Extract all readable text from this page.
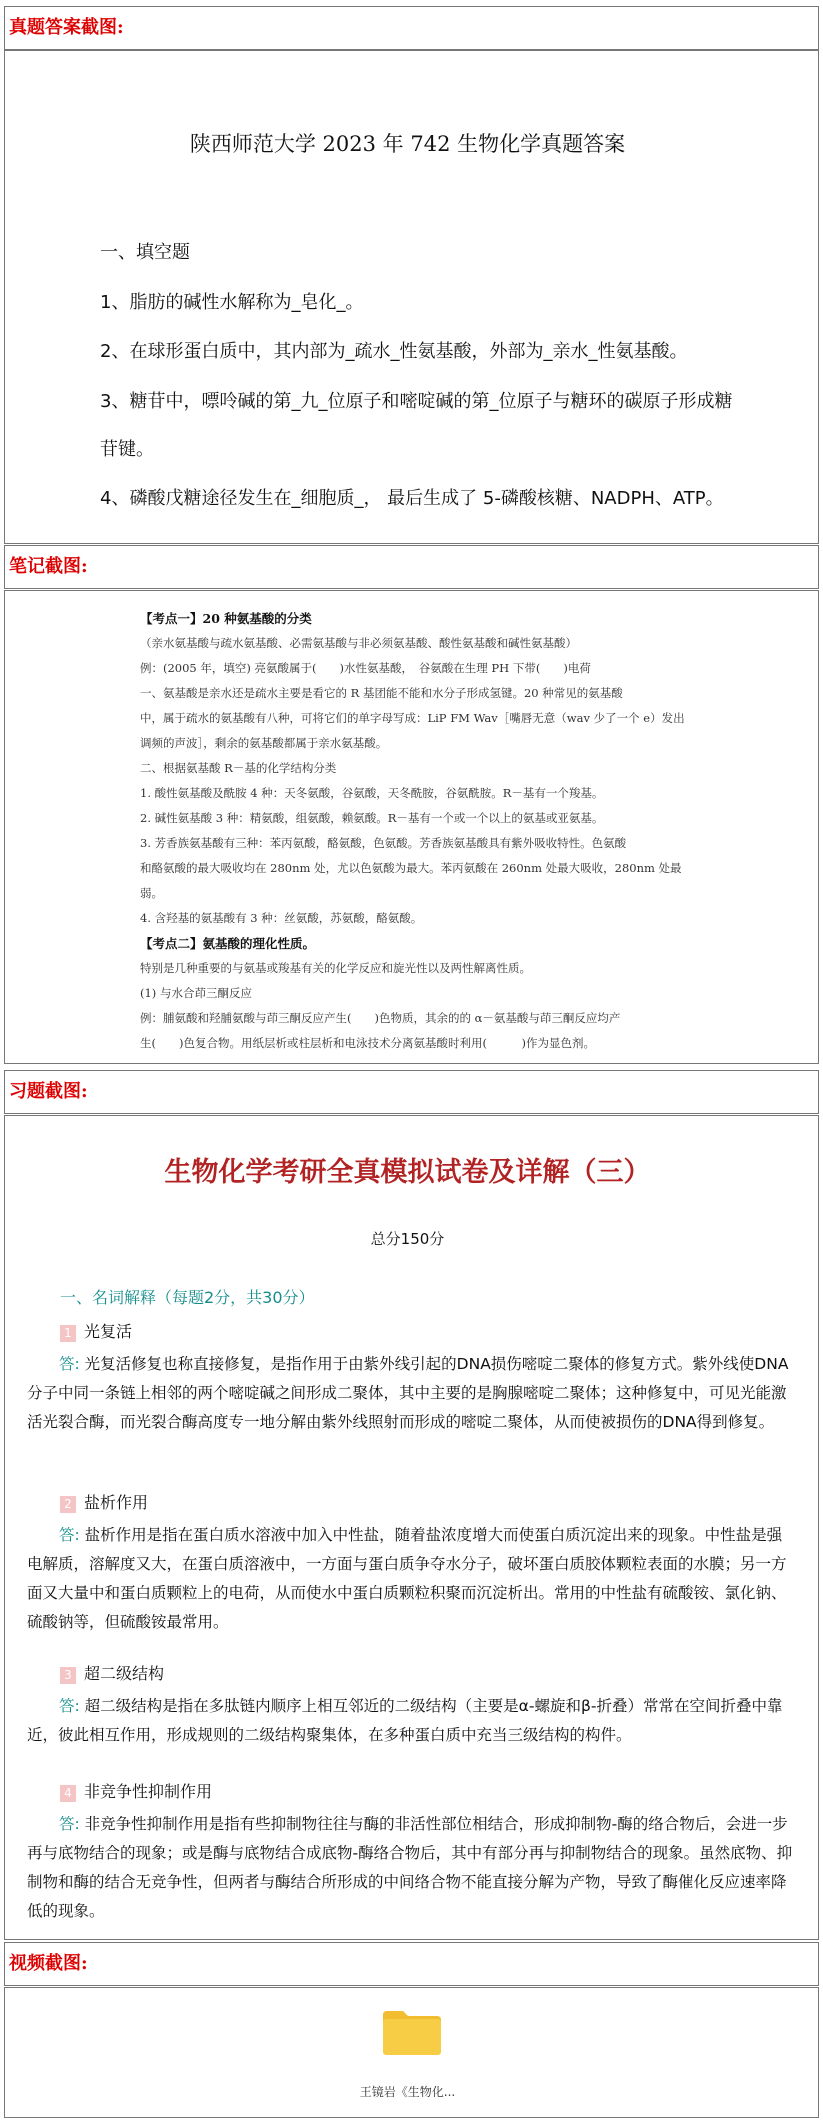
真题答案截图:
陕西师范大学 2023 年 742 生物化学真题答案
一、填空题
1、脂肪的碱性水解称为_皂化_。
2、在球形蛋白质中，其内部为_疏水_性氨基酸，外部为_亲水_性氨基酸。
3、糖苷中，嘌呤碱的第_九_位原子和嘧啶碱的第_位原子与糖环的碳原子形成糖
苷键。
4、磷酸戊糖途径发生在_细胞质_， 最后生成了 5-磷酸核糖、NADPH、ATP。
笔记截图:

【考点一】20 种氨基酸的分类

（亲水氨基酸与疏水氨基酸、必需氨基酸与非必须氨基酸、酸性氨基酸和碱性氨基酸）

例：(2005 年，填空) 亮氨酸属于(　　)水性氨基酸，　谷氨酸在生理 PH 下带(　　)电荷

一、氨基酸是亲水还是疏水主要是看它的 R 基团能不能和水分子形成氢键。20 种常见的氨基酸

中，属于疏水的氨基酸有八种，可将它们的单字母写成：LiP FM Wav［嘴唇无意（wav 少了一个 e）发出

调频的声波］，剩余的氨基酸都属于亲水氨基酸。

二、根据氨基酸 R－基的化学结构分类

1. 酸性氨基酸及酰胺 4 种：天冬氨酸，谷氨酸，天冬酰胺，谷氨酰胺。R－基有一个羧基。

2. 碱性氨基酸 3 种：精氨酸，组氨酸，赖氨酸。R－基有一个或一个以上的氨基或亚氨基。

3. 芳香族氨基酸有三种：苯丙氨酸，酪氨酸，色氨酸。芳香族氨基酸具有紫外吸收特性。色氨酸

和酪氨酸的最大吸收均在 280nm 处，尤以色氨酸为最大。苯丙氨酸在 260nm 处最大吸收，280nm 处最

弱。

4. 含羟基的氨基酸有 3 种：丝氨酸，苏氨酸，酪氨酸。

【考点二】氨基酸的理化性质。

特别是几种重要的与氨基或羧基有关的化学反应和旋光性以及两性解离性质。

(1) 与水合茚三酮反应

例：脯氨酸和羟脯氨酸与茚三酮反应产生(　　)色物质，其余的的 α－氨基酸与茚三酮反应均产

生(　　)色复合物。用纸层析或柱层析和电泳技术分离氨基酸时利用(　　　)作为显色剂。

习题截图:
生物化学考研全真模拟试卷及详解（三）
总分150分
一、名词解释（每题2分，共30分）
1 光复活
答: 光复活修复也称直接修复，是指作用于由紫外线引起的DNA损伤嘧啶二聚体的修复方式。紫外线使DNA分子中同一条链上相邻的两个嘧啶碱之间形成二聚体，其中主要的是胸腺嘧啶二聚体；这种修复中，可见光能激活光裂合酶，而光裂合酶高度专一地分解由紫外线照射而形成的嘧啶二聚体，从而使被损伤的DNA得到修复。
2 盐析作用
答: 盐析作用是指在蛋白质水溶液中加入中性盐，随着盐浓度增大而使蛋白质沉淀出来的现象。中性盐是强电解质，溶解度又大，在蛋白质溶液中，一方面与蛋白质争夺水分子，破坏蛋白质胶体颗粒表面的水膜；另一方面又大量中和蛋白质颗粒上的电荷，从而使水中蛋白质颗粒积聚而沉淀析出。常用的中性盐有硫酸铵、氯化钠、硫酸钠等，但硫酸铵最常用。
3 超二级结构
答: 超二级结构是指在多肽链内顺序上相互邻近的二级结构（主要是α-螺旋和β-折叠）常常在空间折叠中靠近，彼此相互作用，形成规则的二级结构聚集体，在多种蛋白质中充当三级结构的构件。
4 非竞争性抑制作用
答: 非竞争性抑制作用是指有些抑制物往往与酶的非活性部位相结合，形成抑制物-酶的络合物后，会进一步再与底物结合的现象；或是酶与底物结合成底物-酶络合物后，其中有部分再与抑制物结合的现象。虽然底物、抑制物和酶的结合无竞争性，但两者与酶结合所形成的中间络合物不能直接分解为产物，导致了酶催化反应速率降低的现象。
视频截图:
王镜岩《生物化...
